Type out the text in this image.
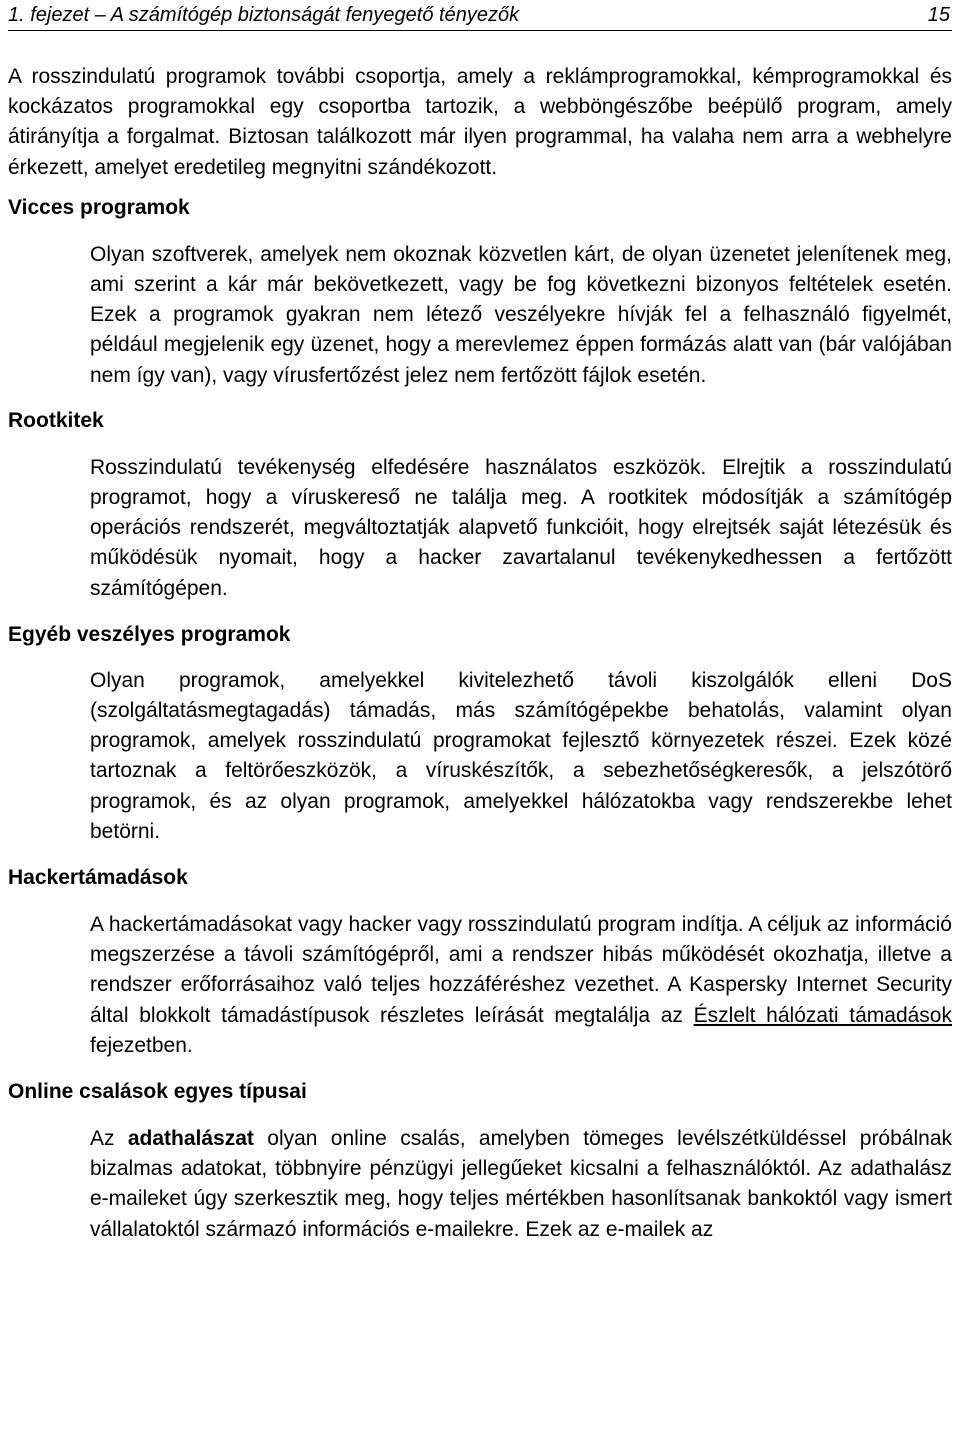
1. fejezet – A számítógép biztonságát fenyegető tényezők	15

A rosszindulatú programok további csoportja, amely a reklámprogramokkal, kémprogramokkal és kockázatos programokkal egy csoportba tartozik, a webböngészőbe beépülő program, amely átirányítja a forgalmat. Biztosan találkozott már ilyen programmal, ha valaha nem arra a webhelyre érkezett, amelyet eredetileg megnyitni szándékozott.

Vicces programok

Olyan szoftverek, amelyek nem okoznak közvetlen kárt, de olyan üzenetet jelenítenek meg, ami szerint a kár már bekövetkezett, vagy be fog következni bizonyos feltételek esetén. Ezek a programok gyakran nem létező veszélyekre hívják fel a felhasználó figyelmét, például megjelenik egy üzenet, hogy a merevlemez éppen formázás alatt van (bár valójában nem így van), vagy vírusfertőzést jelez nem fertőzött fájlok esetén.

Rootkitek

Rosszindulatú tevékenység elfedésére használatos eszközök. Elrejtik a rosszindulatú programot, hogy a víruskereső ne találja meg. A rootkitek módosítják a számítógép operációs rendszerét, megváltoztatják alapvető funkcióit, hogy elrejtsék saját létezésük és működésük nyomait, hogy a hacker zavartalanul tevékenykedhessen a fertőzött számítógépen.

Egyéb veszélyes programok

Olyan programok, amelyekkel kivitelezhető távoli kiszolgálók elleni DoS (szolgáltatásmegtagadás) támadás, más számítógépekbe behatolás, valamint olyan programok, amelyek rosszindulatú programokat fejlesztő környezetek részei. Ezek közé tartoznak a feltörőeszközök, a víruskészítők, a sebezhetőségkeresők, a jelszótörő programok, és az olyan programok, amelyekkel hálózatokba vagy rendszerekbe lehet betörni.

Hackertámadások

A hackertámadásokat vagy hacker vagy rosszindulatú program indítja. A céljuk az információ megszerzése a távoli számítógépről, ami a rendszer hibás működését okozhatja, illetve a rendszer erőforrásaihoz való teljes hozzáféréshez vezethet. A Kaspersky Internet Security által blokkolt támadástípusok részletes leírását megtalálja az Észlelt hálózati támadások fejezetben.

Online csalások egyes típusai

Az adathalászat olyan online csalás, amelyben tömeges levélszétküldéssel próbálnak bizalmas adatokat, többnyire pénzügyi jellegűeket kicsalni a felhasználóktól. Az adathalász e-maileket úgy szerkesztik meg, hogy teljes mértékben hasonlítsanak bankoktól vagy ismert vállalatoktól származó információs e-mailekre. Ezek az e-mailek az
